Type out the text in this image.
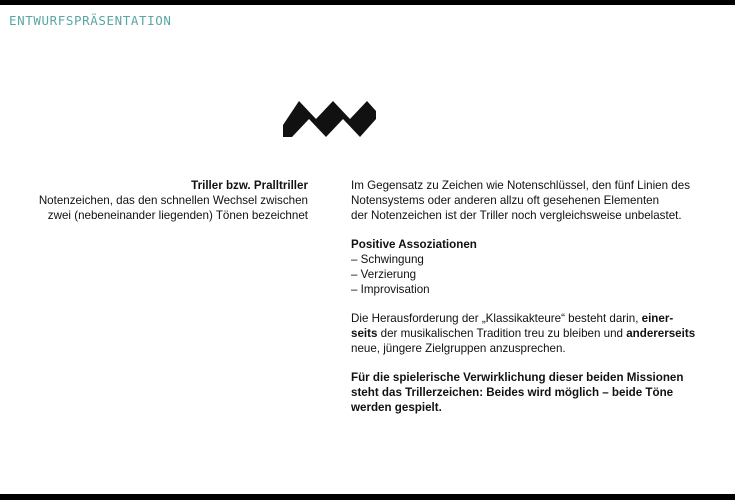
ENTWURFSPRÄSENTATION
Triller bzw. Pralltriller
Notenzeichen, das den schnellen Wechsel zwischen
zwei (nebeneinander liegenden) Tönen bezeichnet

Im Gegensatz zu Zeichen wie Notenschlüssel, den fünf Linien des
Notensystems oder anderen allzu oft gesehenen Elementen
der Notenzeichen ist der Triller noch vergleichsweise unbelastet.

Positive Assoziationen
– Schwingung
– Verzierung
– Improvisation

Die Herausforderung der „Klassikakteure“ besteht darin, einer-
seits der musikalischen Tradition treu zu bleiben und andererseits
neue, jüngere Zielgruppen anzusprechen.

Für die spielerische Verwirklichung dieser beiden Missionen
steht das Trillerzeichen: Beides wird möglich – beide Töne
werden gespielt.
